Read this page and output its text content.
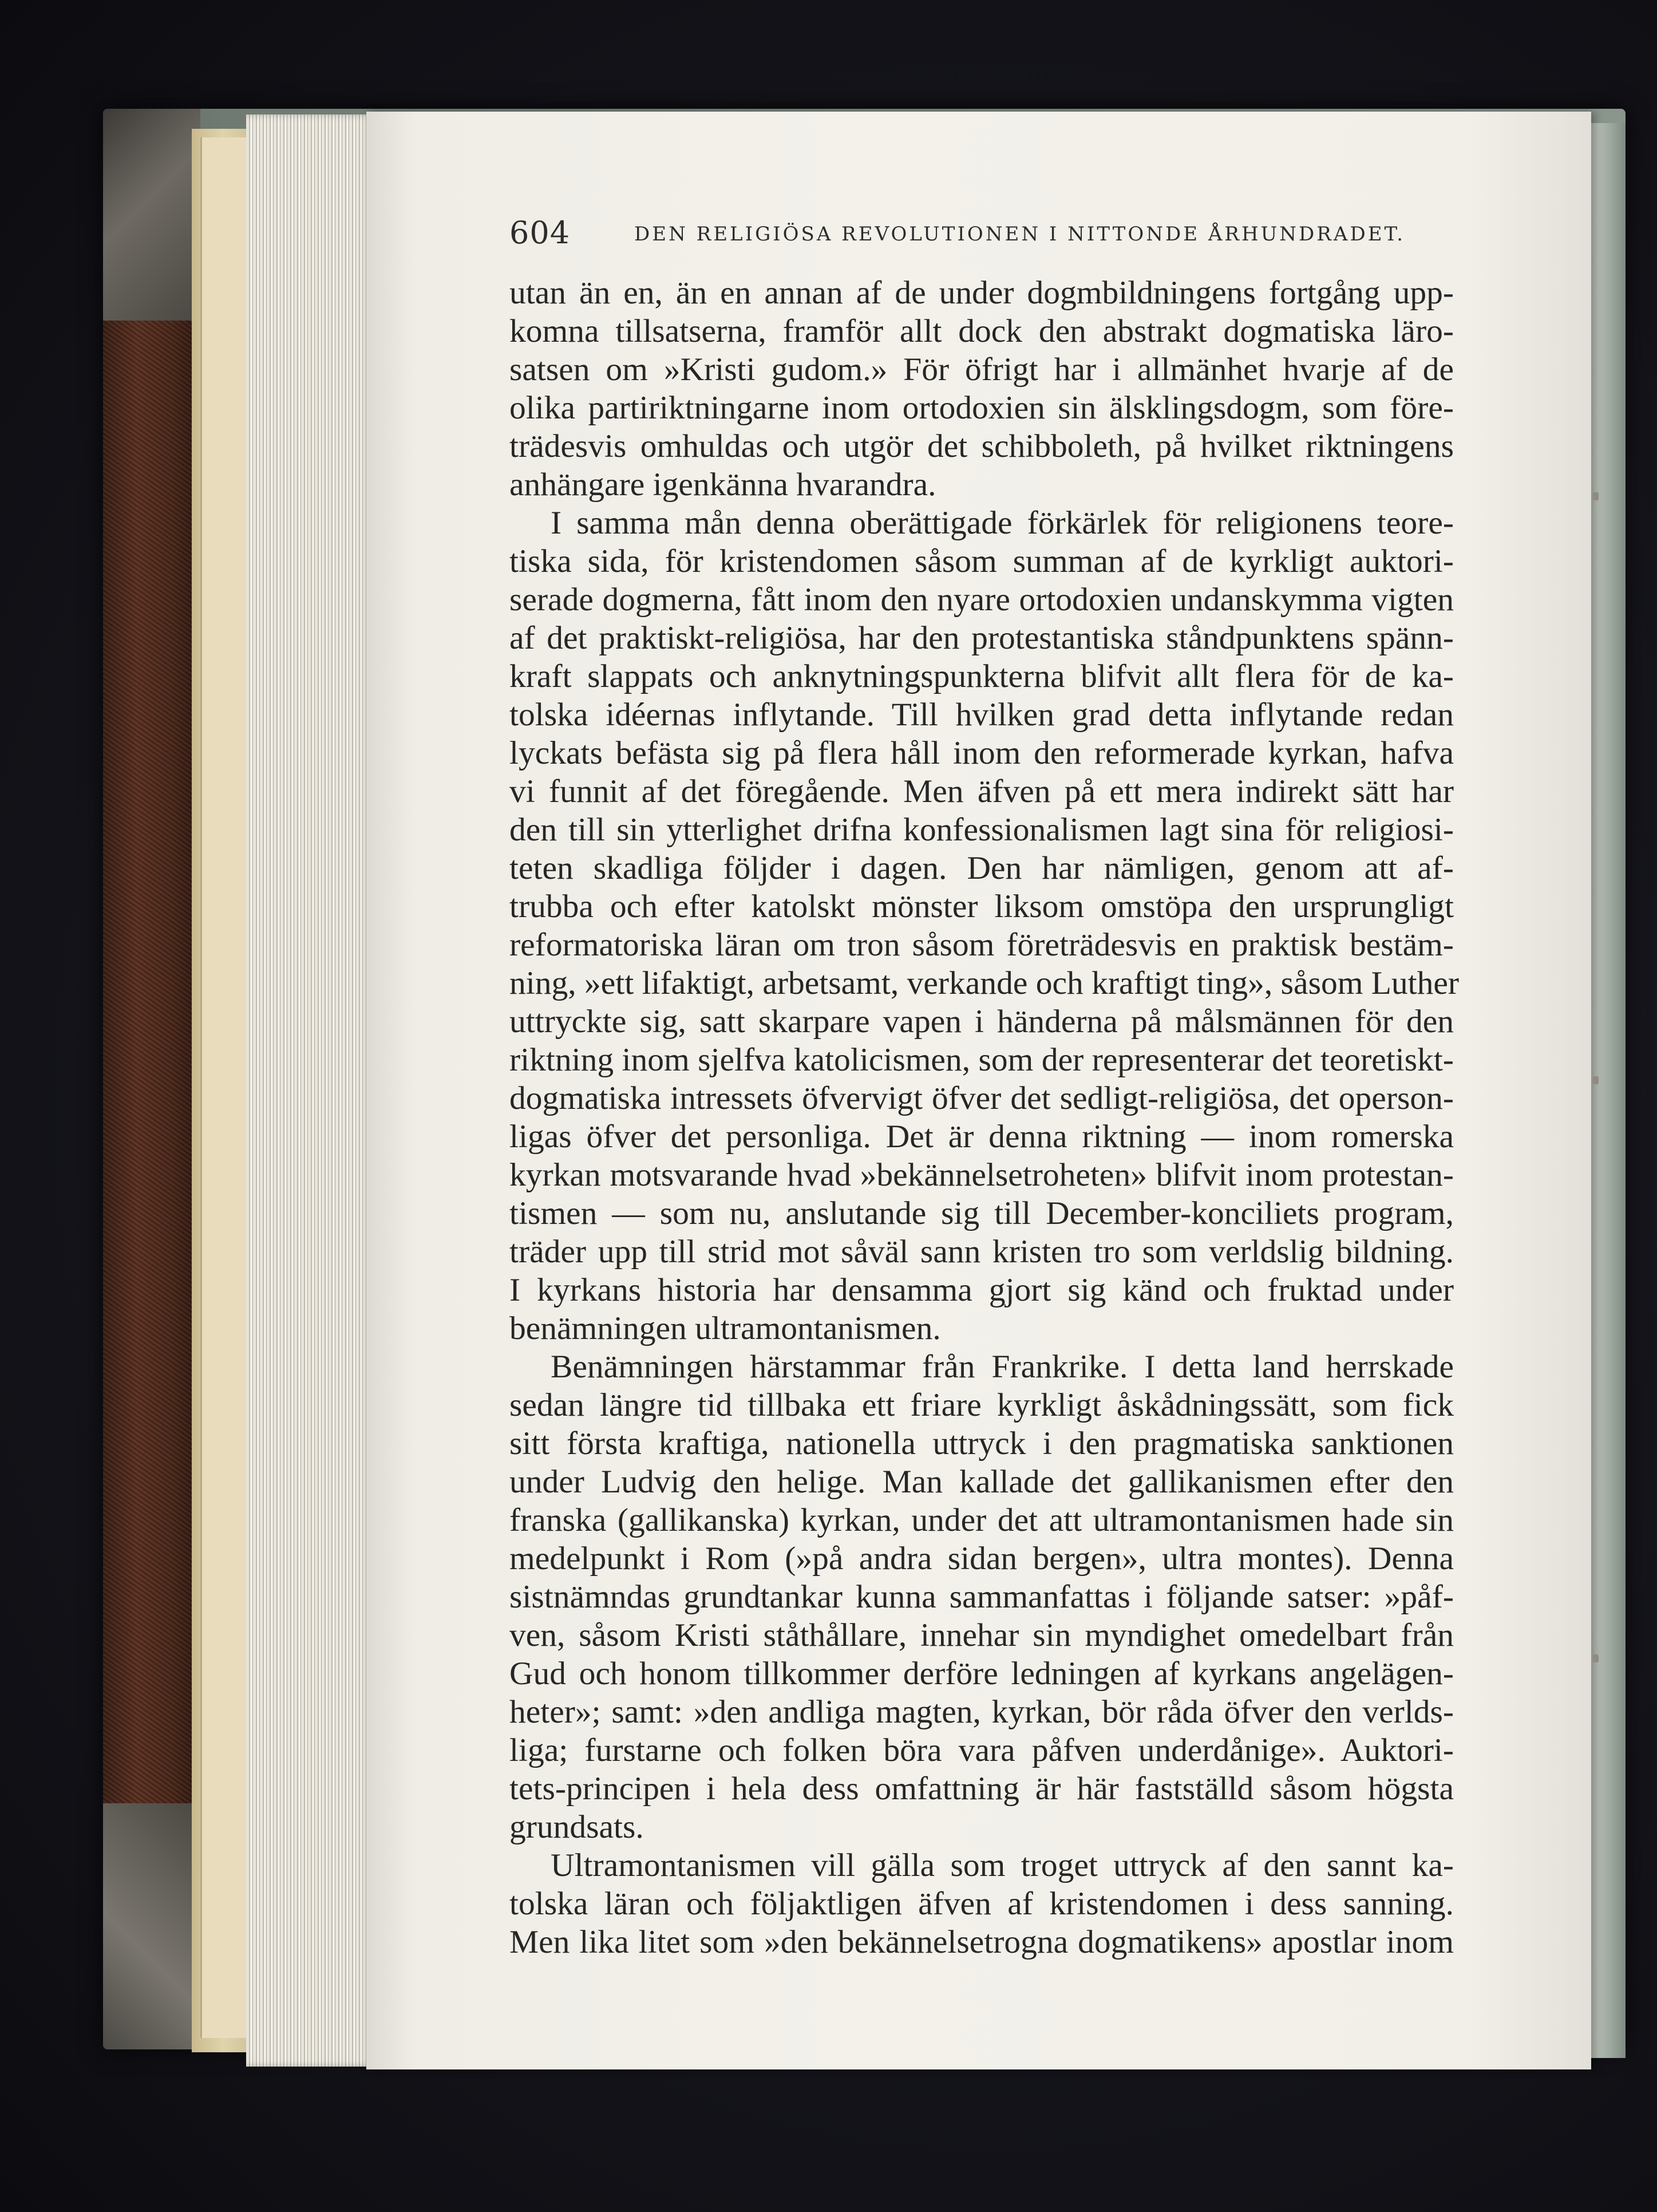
604	DEN RELIGIÖSA REVOLUTIONEN I NITTONDE ÅRHUNDRADET.
utan än en, än en annan af de under dogmbildningens fortgång upp-
komna tillsatserna, framför allt dock den abstrakt dogmatiska läro-
satsen om »Kristi gudom.» För öfrigt har i allmänhet hvarje af de
olika partiriktningarne inom ortodoxien sin älsklingsdogm, som före-
trädesvis omhuldas och utgör det schibboleth, på hvilket riktningens
anhängare igenkänna hvarandra.
I samma mån denna oberättigade förkärlek för religionens teore-
tiska sida, för kristendomen såsom summan af de kyrkligt auktori-
serade dogmerna, fått inom den nyare ortodoxien undanskymma vigten
af det praktiskt-religiösa, har den protestantiska ståndpunktens spänn-
kraft slappats och anknytningspunkterna blifvit allt flera för de ka-
tolska idéernas inflytande. Till hvilken grad detta inflytande redan
lyckats befästa sig på flera håll inom den reformerade kyrkan, hafva
vi funnit af det föregående. Men äfven på ett mera indirekt sätt har
den till sin ytterlighet drifna konfessionalismen lagt sina för religiosi-
teten skadliga följder i dagen. Den har nämligen, genom att af-
trubba och efter katolskt mönster liksom omstöpa den ursprungligt
reformatoriska läran om tron såsom företrädesvis en praktisk bestäm-
ning, »ett lifaktigt, arbetsamt, verkande och kraftigt ting», såsom Luther
uttryckte sig, satt skarpare vapen i händerna på målsmännen för den
riktning inom sjelfva katolicismen, som der representerar det teoretiskt-
dogmatiska intressets öfvervigt öfver det sedligt-religiösa, det operson-
ligas öfver det personliga. Det är denna riktning — inom romerska
kyrkan motsvarande hvad »bekännelsetroheten» blifvit inom protestan-
tismen — som nu, anslutande sig till December-konciliets program,
träder upp till strid mot såväl sann kristen tro som verldslig bildning.
I kyrkans historia har densamma gjort sig känd och fruktad under
benämningen ultramontanismen.
Benämningen härstammar från Frankrike. I detta land herrskade
sedan längre tid tillbaka ett friare kyrkligt åskådningssätt, som fick
sitt första kraftiga, nationella uttryck i den pragmatiska sanktionen
under Ludvig den helige. Man kallade det gallikanismen efter den
franska (gallikanska) kyrkan, under det att ultramontanismen hade sin
medelpunkt i Rom (»på andra sidan bergen», ultra montes). Denna
sistnämndas grundtankar kunna sammanfattas i följande satser: »påf-
ven, såsom Kristi ståthållare, innehar sin myndighet omedelbart från
Gud och honom tillkommer derföre ledningen af kyrkans angelägen-
heter»; samt: »den andliga magten, kyrkan, bör råda öfver den verlds-
liga; furstarne och folken böra vara påfven underdånige». Auktori-
tets-principen i hela dess omfattning är här fastställd såsom högsta
grundsats.
Ultramontanismen vill gälla som troget uttryck af den sannt ka-
tolska läran och följaktligen äfven af kristendomen i dess sanning.
Men lika litet som »den bekännelsetrogna dogmatikens» apostlar inom
